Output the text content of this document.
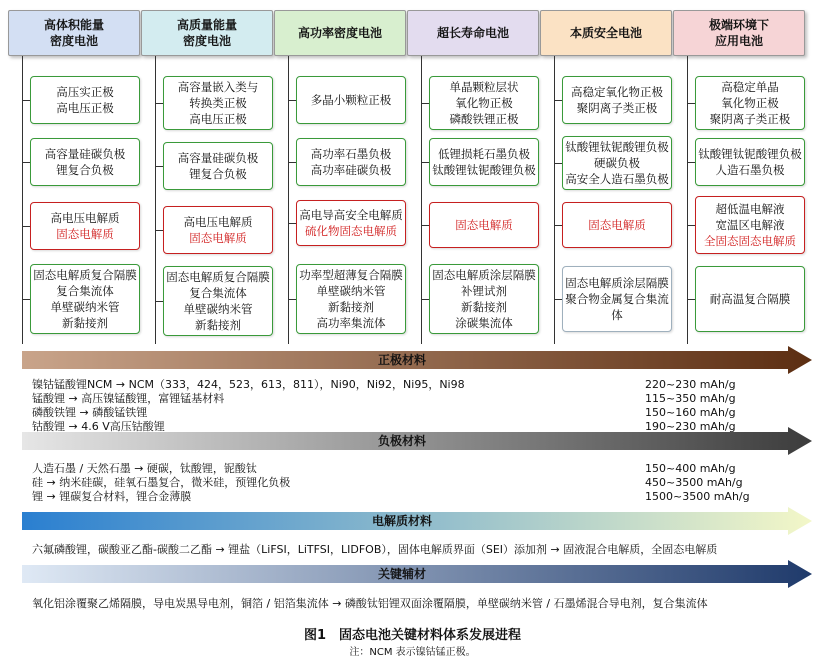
高体积能量
密度电池
高压实正极
高电压正极
高容量硅碳负极
锂复合负极
高电压电解质
固态电解质
固态电解质复合隔膜
复合集流体
单壁碳纳米管
新黏接剂
高质量能量
密度电池
高容量嵌入类与
转换类正极
高电压正极
高容量硅碳负极
锂复合负极
高电压电解质
固态电解质
固态电解质复合隔膜
复合集流体
单壁碳纳米管
新黏接剂
高功率密度电池
多晶小颗粒正极
高功率石墨负极
高功率硅碳负极
高电导高安全电解质
硫化物固态电解质
功率型超薄复合隔膜
单壁碳纳米管
新黏接剂
高功率集流体
超长寿命电池
单晶颗粒层状
氧化物正极
磷酸铁锂正极
低锂损耗石墨负极
钛酸锂钛铌酸锂负极
固态电解质
固态电解质涂层隔膜
补锂试剂
新黏接剂
涂碳集流体
本质安全电池
高稳定氧化物正极
聚阴离子类正极
钛酸锂钛铌酸锂负极
硬碳负极
高安全人造石墨负极
固态电解质
固态电解质涂层隔膜
聚合物金属复合集流体
极端环境下
应用电池
高稳定单晶
氧化物正极
聚阴离子类正极
钛酸锂钛铌酸锂负极
人造石墨负极
超低温电解液
宽温区电解液
全固态固态电解质
耐高温复合隔膜
正极材料
镍钴锰酸锂NCM → NCM（333，424，523，613，811），Ni90，Ni92，Ni95，Ni98	220~230 mAh/g
锰酸锂 → 高压镍锰酸锂，富锂锰基材料	115~350 mAh/g
磷酸铁锂 → 磷酸锰铁锂	150~160 mAh/g
钴酸锂 → 4.6 V高压钴酸锂	190~230 mAh/g
负极材料
人造石墨 / 天然石墨 → 硬碳，钛酸锂，铌酸钛	150~400 mAh/g
硅 → 纳米硅碳，硅氧石墨复合，微米硅，预锂化负极	450~3500 mAh/g
锂 → 锂碳复合材料，锂合金薄膜	1500~3500 mAh/g
电解质材料
六氟磷酸锂，碳酸亚乙酯-碳酸二乙酯 → 锂盐（LiFSI，LiTFSI，LIDFOB），固体电解质界面（SEI）添加剂 → 固液混合电解质，全固态电解质
关键辅材
氧化铝涂覆聚乙烯隔膜，导电炭黑导电剂，铜箔 / 铝箔集流体 → 磷酸钛铝锂双面涂覆隔膜，单壁碳纳米管 / 石墨烯混合导电剂，复合集流体
图1　固态电池关键材料体系发展进程
注：NCM 表示镍钴锰正极。
